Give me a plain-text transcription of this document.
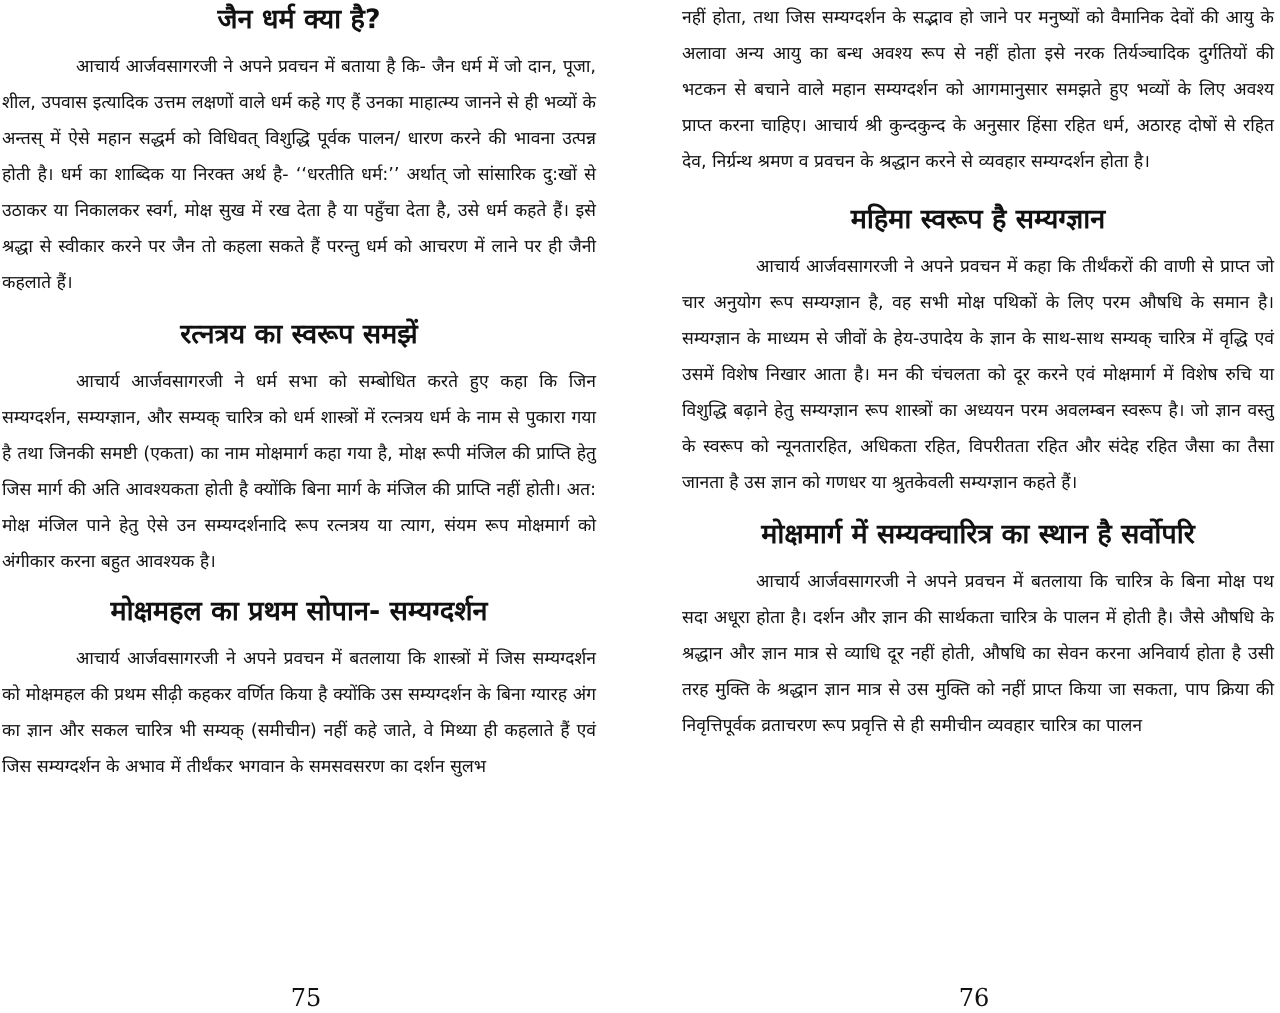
जैन धर्म क्या है?

आचार्य आर्जवसागरजी ने अपने प्रवचन में बताया है कि- जैन धर्म में जो दान, पूजा, शील, उपवास इत्यादिक उत्तम लक्षणों वाले धर्म कहे गए हैं उनका माहात्म्य जानने से ही भव्यों के अन्तस् में ऐसे महान सद्धर्म को विधिवत् विशुद्धि पूर्वक पालन/ धारण करने की भावना उत्पन्न होती है। धर्म का शाब्दिक या निरक्त अर्थ है- ‘‘धरतीति धर्म:’’ अर्थात् जो सांसारिक दु:खों से उठाकर या निकालकर स्वर्ग, मोक्ष सुख में रख देता है या पहुँचा देता है, उसे धर्म कहते हैं। इसे श्रद्धा से स्वीकार करने पर जैन तो कहला सकते हैं परन्तु धर्म को आचरण में लाने पर ही जैनी कहलाते हैं।

रत्नत्रय का स्वरूप समझें

आचार्य आर्जवसागरजी ने धर्म सभा को सम्बोधित करते हुए कहा कि जिन सम्यग्दर्शन, सम्यग्ज्ञान, और सम्यक् चारित्र को धर्म शास्त्रों में रत्नत्रय धर्म के नाम से पुकारा गया है तथा जिनकी समष्टी (एकता) का नाम मोक्षमार्ग कहा गया है, मोक्ष रूपी मंजिल की प्राप्ति हेतु जिस मार्ग की अति आवश्यकता होती है क्योंकि बिना मार्ग के मंजिल की प्राप्ति नहीं होती। अत: मोक्ष मंजिल पाने हेतु ऐसे उन सम्यग्दर्शनादि रूप रत्नत्रय या त्याग, संयम रूप मोक्षमार्ग को अंगीकार करना बहुत आवश्यक है।

मोक्षमहल का प्रथम सोपान- सम्यग्दर्शन

आचार्य आर्जवसागरजी ने अपने प्रवचन में बतलाया कि शास्त्रों में जिस सम्यग्दर्शन को मोक्षमहल की प्रथम सीढ़ी कहकर वर्णित किया है क्योंकि उस सम्यग्दर्शन के बिना ग्यारह अंग का ज्ञान और सकल चारित्र भी सम्यक् (समीचीन) नहीं कहे जाते, वे मिथ्या ही कहलाते हैं एवं जिस सम्यग्दर्शन के अभाव में तीर्थंकर भगवान के समसवसरण का दर्शन सुलभ

75

नहीं होता, तथा जिस सम्यग्दर्शन के सद्भाव हो जाने पर मनुष्यों को वैमानिक देवों की आयु के अलावा अन्य आयु का बन्ध अवश्य रूप से नहीं होता इसे नरक तिर्यञ्चादिक दुर्गतियों की भटकन से बचाने वाले महान सम्यग्दर्शन को आगमानुसार समझते हुए भव्यों के लिए अवश्य प्राप्त करना चाहिए। आचार्य श्री कुन्दकुन्द के अनुसार हिंसा रहित धर्म, अठारह दोषों से रहित देव, निर्ग्रन्थ श्रमण व प्रवचन के श्रद्धान करने से व्यवहार सम्यग्दर्शन होता है।

महिमा स्वरूप है सम्यग्ज्ञान

आचार्य आर्जवसागरजी ने अपने प्रवचन में कहा कि तीर्थंकरों की वाणी से प्राप्त जो चार अनुयोग रूप सम्यग्ज्ञान है, वह सभी मोक्ष पथिकों के लिए परम औषधि के समान है। सम्यग्ज्ञान के माध्यम से जीवों के हेय-उपादेय के ज्ञान के साथ-साथ सम्यक् चारित्र में वृद्धि एवं उसमें विशेष निखार आता है। मन की चंचलता को दूर करने एवं मोक्षमार्ग में विशेष रुचि या विशुद्धि बढ़ाने हेतु सम्यग्ज्ञान रूप शास्त्रों का अध्ययन परम अवलम्बन स्वरूप है। जो ज्ञान वस्तु के स्वरूप को न्यूनतारहित, अधिकता रहित, विपरीतता रहित और संदेह रहित जैसा का तैसा जानता है उस ज्ञान को गणधर या श्रुतकेवली सम्यग्ज्ञान कहते हैं।

मोक्षमार्ग में सम्यक्चारित्र का स्थान है सर्वोपरि

आचार्य आर्जवसागरजी ने अपने प्रवचन में बतलाया कि चारित्र के बिना मोक्ष पथ सदा अधूरा होता है। दर्शन और ज्ञान की सार्थकता चारित्र के पालन में होती है। जैसे औषधि के श्रद्धान और ज्ञान मात्र से व्याधि दूर नहीं होती, औषधि का सेवन करना अनिवार्य होता है उसी तरह मुक्ति के श्रद्धान ज्ञान मात्र से उस मुक्ति को नहीं प्राप्त किया जा सकता, पाप क्रिया की निवृत्तिपूर्वक व्रताचरण रूप प्रवृत्ति से ही समीचीन व्यवहार चारित्र का पालन

76
